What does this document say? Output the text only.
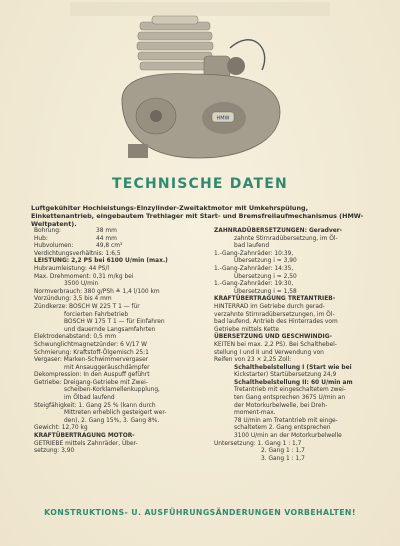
HMW
TECHNISCHE DATEN
Luftgekühlter Hochleistungs-Einzylinder-Zweitaktmotor mit Umkehrspülung, Einkettenantrieb, eingebautem Trethlager mit Start- und Bremsfreilaufmechanismus (HMW-Weltpatent).
Bohrung:	38 mm
Hub:	44 mm
Hubvolumen:	49,8 cm³
Verdichtungsverhältnis: 1:6,5
LEISTUNG: 2,2 PS bei 6100 U/min (max.)
Hubraumleistung: 44 PS/l
Max. Drehmoment: 0,31 m/kg bei
3500 U/min
Normverbrauch: 380 g/PSh ≙ 1,4 l/100 km
Vorzündung: 3,5 bis 4 mm
Zündkerze: BOSCH W 225 T 1 — für
forcierten Fahrbetrieb
BOSCH W 175 T 1 — für Einfahren
und dauernde Langsamfahrten
Elektrodenabstand: 0,5 mm
Schwunglichtmagnetzünder: 6 V/17 W
Schmierung: Kraftstoff-Ölgemisch 25:1
Vergaser: Marken-Schwimmervergaser
mit Ansauggeräuschdämpfer
Dekompression: In den Auspuff geführt
Getriebe: Dreigang-Getriebe mit Zwei-
scheiben-Korklamellenkupplung,
im Ölbad laufend
Steigfähigkeit: 1. Gang 25 % (kann durch
Mittreten erheblich gesteigert wer-
den), 2. Gang 15%, 3. Gang 8%.
Gewicht: 12,70 kg
KRAFTÜBERTRAGUNG MOTOR-
GETRIEBE mittels Zahnräder, Über-
setzung: 3,90
ZAHNRADÜBERSETZUNGEN: Geradver-
zahnte Stirnradübersetzung, im Öl-
bad laufend
1.-Gang-Zahnräder: 10:39,
Übersetzung i = 3,90
1.-Gang-Zahnräder: 14:35,
Übersetzung i = 2,50
1.-Gang-Zahnräder: 19:30,
Übersetzung i = 1,58
KRAFTÜBERTRAGUNG TRETANTRIEB-
HINTERRAD im Getriebe durch gerad-
verzahnte Stirnradübersetzungen, im Öl-
bad laufend, Antrieb des Hinterrades vom
Getriebe mittels Kette
ÜBERSETZUNG UND GESCHWINDIG-
KEITEN bei max. 2,2 PS). Bei Schalthebel-
stellung I und II und Verwendung von
Reifen von 23 × 2,25 Zoll:
Schalthebelstellung I (Start wie bei
Kickstarter) Startübersetzung 24,9
Schalthebelstellung II: 60 U/min am
Tretantrieb mit eingeschaltetem zwei-
ten Gang entsprechen 3675 U/min an
der Motorkurbelwelle, bei Dreh-
moment-max.
78 U/min am Tretantrieb mit einge-
schaltetem 2. Gang entsprechen
3100 U/min an der Motorkurbelwelle
Untersetzung: 1. Gang 1 : 1,7
2. Gang 1 : 1,7
3. Gang 1 : 1,7
KONSTRUKTIONS- U. AUSFÜHRUNGSÄNDERUNGEN VORBEHALTEN!
